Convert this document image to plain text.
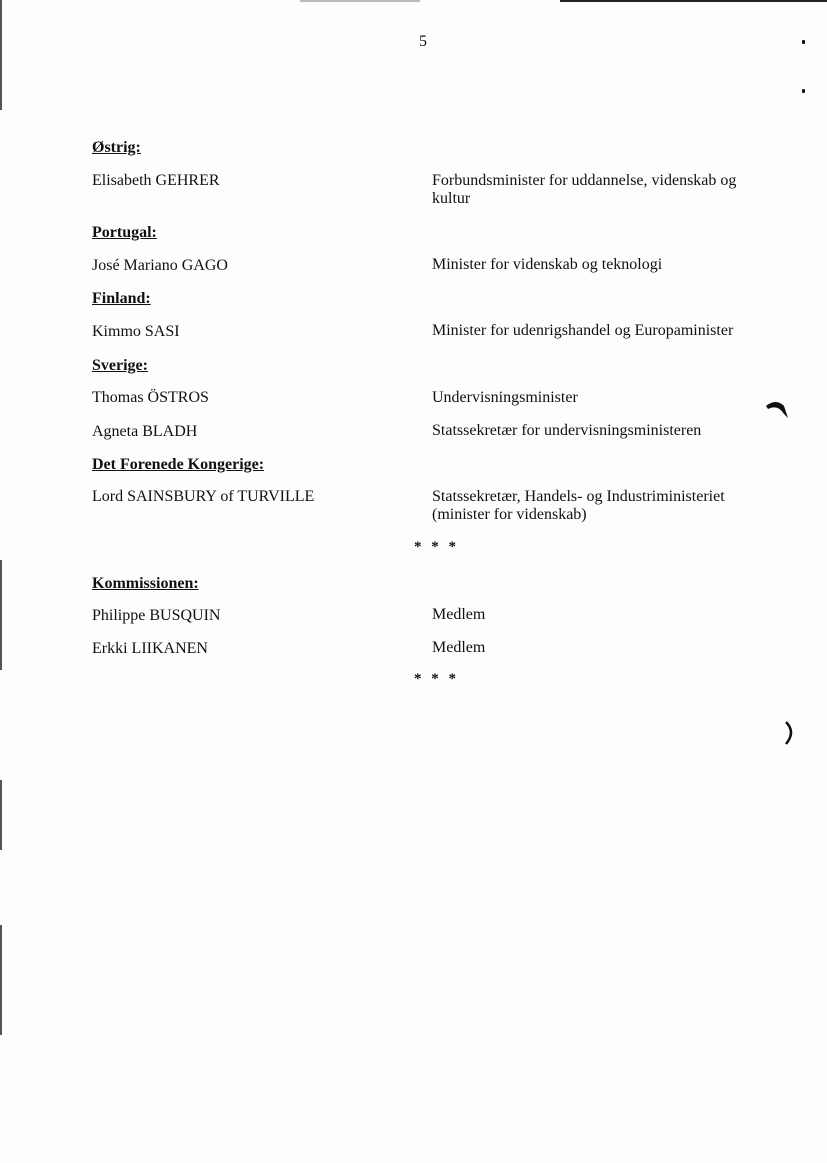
5
Østrig:
Elisabeth GEHRER	Forbundsminister for uddannelse, videnskab og kultur
Portugal:
José Mariano GAGO	Minister for videnskab og teknologi
Finland:
Kimmo SASI	Minister for udenrigshandel og Europaminister
Sverige:
Thomas ÖSTROS	Undervisningsminister
Agneta BLADH	Statssekretær for undervisningsministeren
Det Forenede Kongerige:
Lord SAINSBURY of TURVILLE	Statssekretær, Handels- og Industriministeriet (minister for videnskab)
* * *
Kommissionen:
Philippe BUSQUIN	Medlem
Erkki LIIKANEN	Medlem
* * *
